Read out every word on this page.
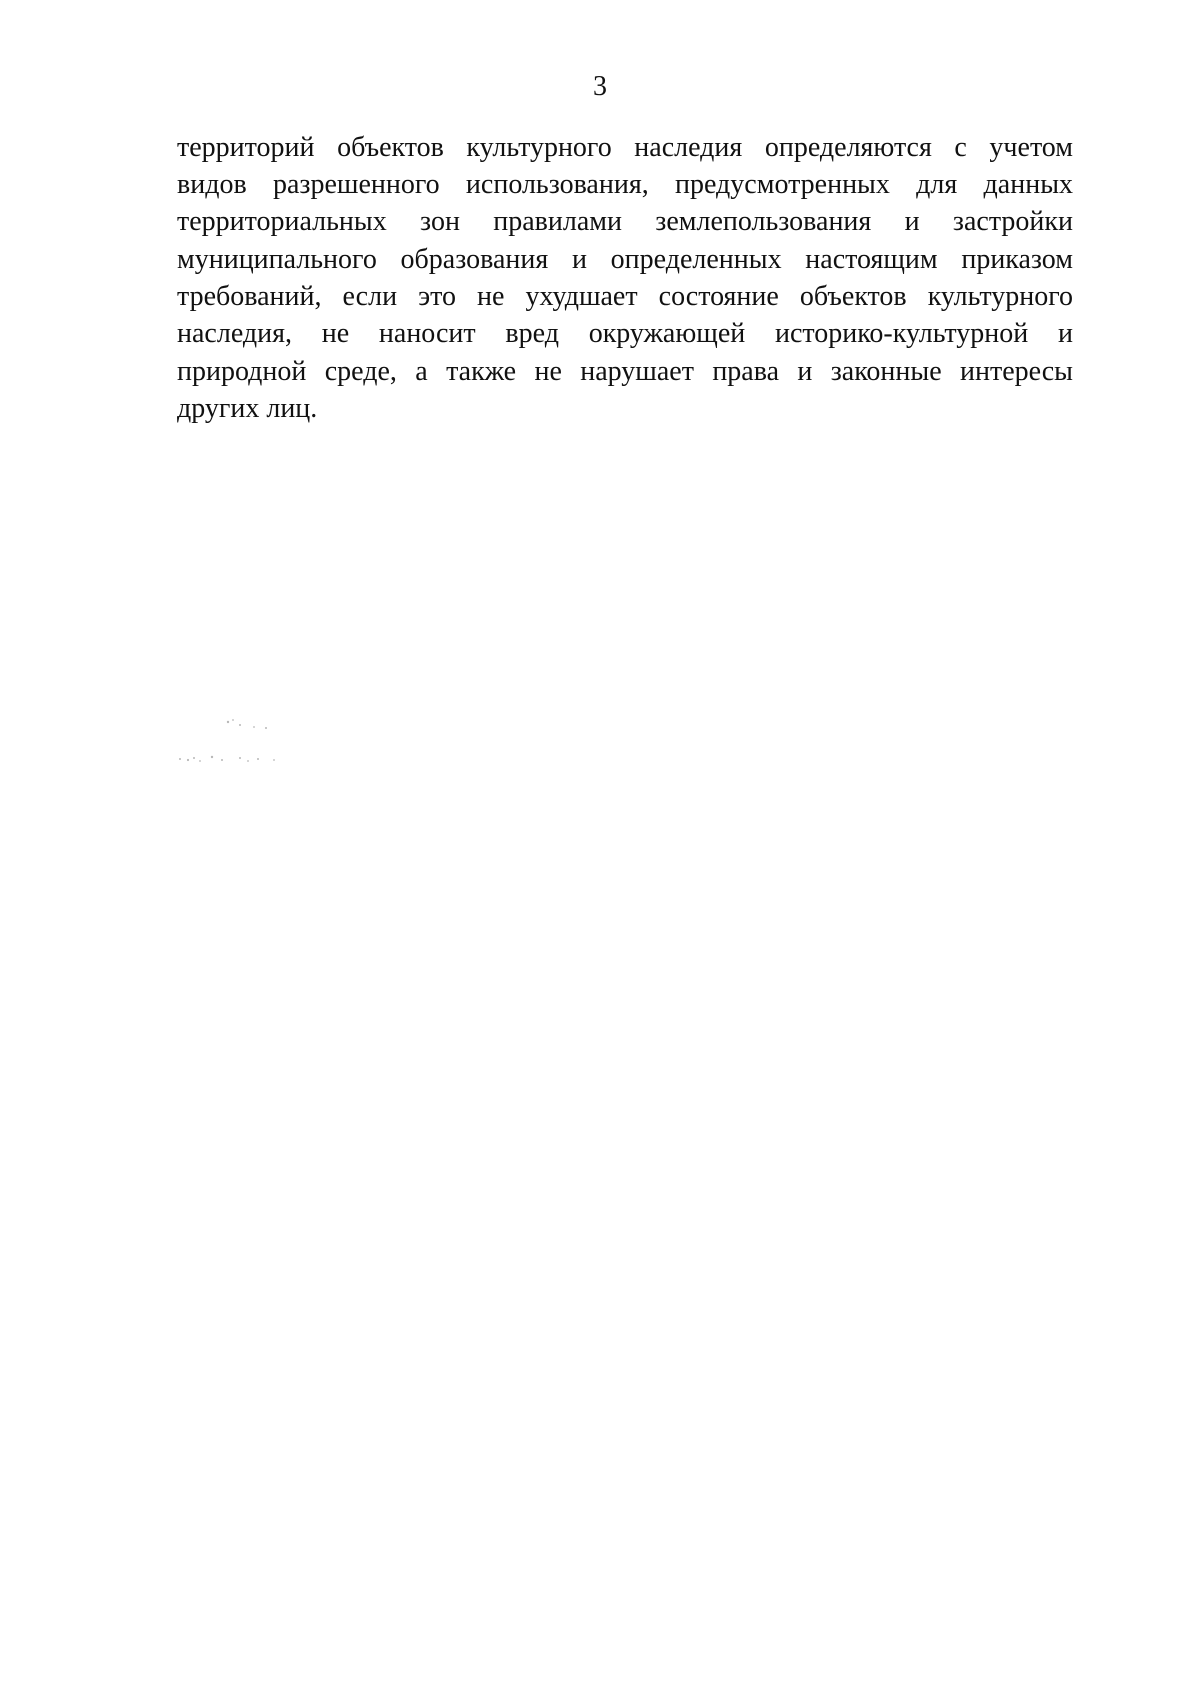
3
территорий объектов культурного наследия определяются с учетом
видов разрешенного использования, предусмотренных для данных
территориальных зон правилами землепользования и застройки
муниципального образования и определенных настоящим приказом
требований, если это не ухудшает состояние объектов культурного
наследия, не наносит вред окружающей историко-культурной и
природной среде, а также не нарушает права и законные интересы
других лиц.
